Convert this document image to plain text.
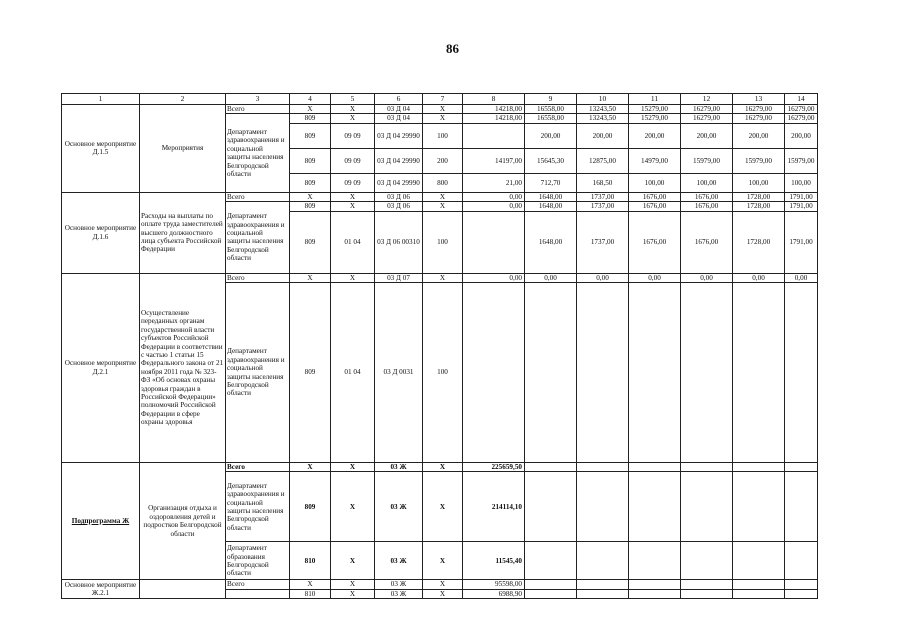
86
1	2	3	4	5	6	7	8	9	10	11	12	13	14
Основное мероприятие Д.1.5	Мероприятия	Всего	X	X	03 Д 04	X	14218,00	16558,00	13243,50	15279,00	16279,00	16279,00	16279,00
		Департамент здравоохранения и социальной защиты населения Белгородской области	809	X	03 Д 04	X	14218,00	16558,00	13243,50	15279,00	16279,00	16279,00	16279,00
			809	09 09	03 Д 04 29990	100		200,00	200,00	200,00	200,00	200,00	200,00
			809	09 09	03 Д 04 29990	200	14197,00	15645,30	12875,00	14979,00	15979,00	15979,00	15979,00
			809	09 09	03 Д 04 29990	800	21,00	712,70	168,50	100,00	100,00	100,00	100,00
Основное мероприятие Д.1.6	Расходы на выплаты по оплате труда заместителей высшего должностного лица субъекта Российской Федерации	Всего	X	X	03 Д 06	X	0,00	1648,00	1737,00	1676,00	1676,00	1728,00	1791,00
		Департамент здравоохранения и социальной защиты населения Белгородской области	809	X	03 Д 06	X	0,00	1648,00	1737,00	1676,00	1676,00	1728,00	1791,00
			809	01 04	03 Д 06 00310	100		1648,00	1737,00	1676,00	1676,00	1728,00	1791,00
Основное мероприятие Д.2.1	Осуществление переданных органам государственной власти субъектов Российской Федерации в соответствии с частью 1 статьи 15 Федерального закона от 21 ноября 2011 года № 323-ФЗ «Об основах охраны здоровья граждан в Российской Федерации» полномочий Российской Федерации в сфере охраны здоровья	Всего	X	X	03 Д 07	X	0,00	0,00	0,00	0,00	0,00	0,00	0,00
		Департамент здравоохранения и социальной защиты населения Белгородской области	809	01 04	03 Д 0031	100							
Подпрограмма Ж	Организация отдыха и оздоровления детей и подростков Белгородской области	Всего	X	X	03 Ж	X	225659,50						
		Департамент здравоохранения и социальной защиты населения Белгородской области	809	X	03 Ж	X	214114,10						
		Департамент образования Белгородской области	810	X	03 Ж	X	11545,40						
Основное мероприятие Ж.2.1		Всего	X	X	03 Ж	X	95598,00						
			810	X	03 Ж	X	6988,90						
